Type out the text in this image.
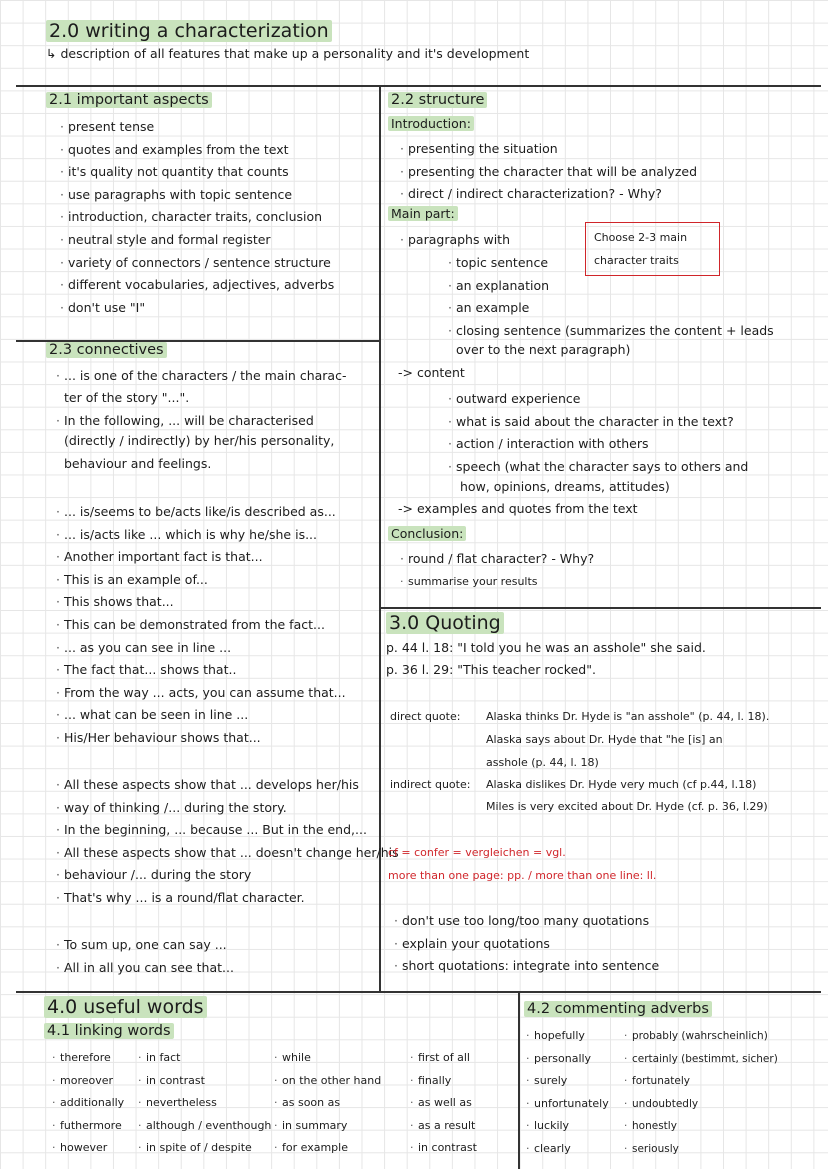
2.0 writing a characterization
↳ description of all features that make up a personality and it's development
2.1 important aspects
· present tense
· quotes and examples from the text
· it's quality not quantity that counts
· use paragraphs with topic sentence
· introduction, character traits, conclusion
· neutral style and formal register
· variety of connectors / sentence structure
· different vocabularies, adjectives, adverbs
· don't use "I"
2.2 structure
Introduction:
· presenting the situation
· presenting the character that will be analyzed
· direct / indirect characterization? - Why?
Main part:
· paragraphs with
· topic sentence
· an explanation
· an example
· closing sentence (summarizes the content + leads
over to the next paragraph)
Choose 2-3 main
character traits
-> content
· outward experience
· what is said about the character in the text?
· action / interaction with others
· speech (what the character says to others and
how, opinions, dreams, attitudes)
-> examples and quotes from the text
Conclusion:
· round / flat character? - Why?
· summarise your results
2.3 connectives
· ... is one of the characters / the main charac-
ter of the story "...".
· In the following, ... will be characterised
(directly / indirectly) by her/his personality,
behaviour and feelings.
· ... is/seems to be/acts like/is described as...
· ... is/acts like ... which is why he/she is...
· Another important fact is that...
· This is an example of...
· This shows that...
· This can be demonstrated from the fact...
· ... as you can see in line ...
· The fact that... shows that..
· From the way ... acts, you can assume that...
· ... what can be seen in line ...
· His/Her behaviour shows that...
· All these aspects show that ... develops her/his
· way of thinking /... during the story.
· In the beginning, ... because ... But in the end,...
· All these aspects show that ... doesn't change her/his
· behaviour /... during the story
· That's why ... is a round/flat character.
· To sum up, one can say ...
· All in all you can see that...
3.0 Quoting
p. 44 l. 18: "I told you he was an asshole" she said.
p. 36 l. 29: "This teacher rocked".
direct quote: Alaska thinks Dr. Hyde is "an asshole" (p. 44, l. 18).
Alaska says about Dr. Hyde that "he [is] an
asshole (p. 44, l. 18)
indirect quote: Alaska dislikes Dr. Hyde very much (cf p.44, l.18)
Miles is very excited about Dr. Hyde (cf. p. 36, l.29)
cf = confer = vergleichen = vgl.
more than one page: pp. / more than one line: ll.
· don't use too long/too many quotations
· explain your quotations
· short quotations: integrate into sentence
4.0 useful words
4.1 linking words
· therefore
· moreover
· additionally
· futhermore
· however
· in fact
· in contrast
· nevertheless
· although / eventhough
· in spite of / despite
· while
· on the other hand
· as soon as
· in summary
· for example
· first of all
· finally
· as well as
· as a result
· in contrast
4.2 commenting adverbs
· hopefully
· personally
· surely
· unfortunately
· luckily
· clearly
· probably (wahrscheinlich)
· certainly (bestimmt, sicher)
· fortunately
· undoubtedly
· honestly
· seriously
